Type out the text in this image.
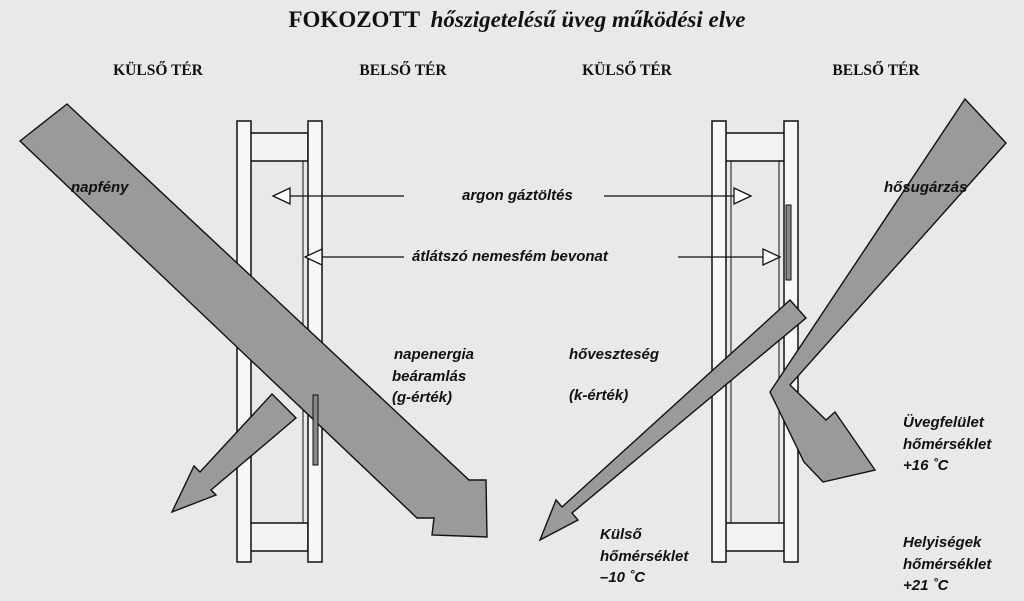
FOKOZOTT hőszigetelésű üveg működési elve
KÜLSŐ TÉR	BELSŐ TÉR	KÜLSŐ TÉR	BELSŐ TÉR
napfény	hősugárzás
argon gáztöltés
átlátszó nemesfém bevonat
napenergia
beáramlás
(g-érték)
hőveszteség
(k-érték)
Üvegfelület
hőmérséklet
+16 ˚C
Külső
hőmérséklet
–10 ˚C
Helyiségek
hőmérséklet
+21 ˚C
